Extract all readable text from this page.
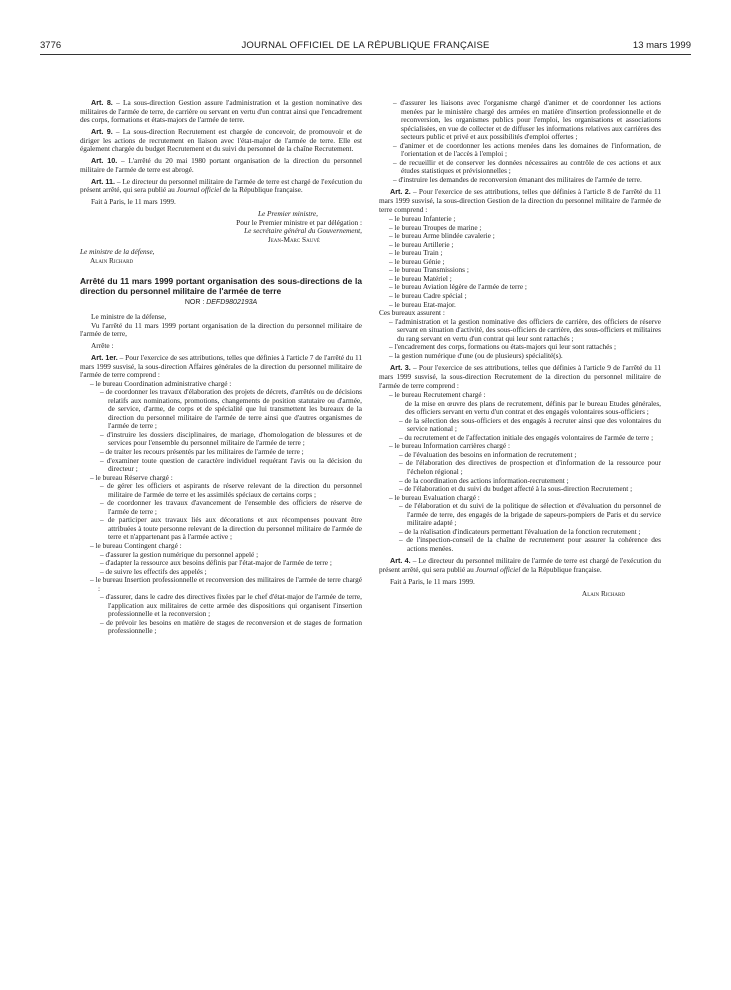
3776	JOURNAL OFFICIEL DE LA RÉPUBLIQUE FRANÇAISE	13 mars 1999

Art. 8. – La sous-direction Gestion assure l'administration et la gestion nominative des militaires de l'armée de terre, de carrière ou servant en vertu d'un contrat ainsi que l'encadrement des corps, formations et états-majors de l'armée de terre.

Art. 9. – La sous-direction Recrutement est chargée de concevoir, de promouvoir et de diriger les actions de recrutement en liaison avec l'état-major de l'armée de terre. Elle est également chargée du budget Recrutement et du suivi du personnel de la chaîne Recrutement.

Art. 10. – L'arrêté du 20 mai 1980 portant organisation de la direction du personnel militaire de l'armée de terre est abrogé.

Art. 11. – Le directeur du personnel militaire de l'armée de terre est chargé de l'exécution du présent arrêté, qui sera publié au Journal officiel de la République française.

Fait à Paris, le 11 mars 1999.

Le Premier ministre,

Pour le Premier ministre et par délégation :

Le secrétaire général du Gouvernement,

Jean-Marc Sauvé

Le ministre de la défense,

Alain Richard

Arrêté du 11 mars 1999 portant organisation des sous-directions de la direction du personnel militaire de l'armée de terre

NOR : DEFD9802193A

Le ministre de la défense,

Vu l'arrêté du 11 mars 1999 portant organisation de la direction du personnel militaire de l'armée de terre,

Arrête :

Art. 1er. – Pour l'exercice de ses attributions, telles que définies à l'article 7 de l'arrêté du 11 mars 1999 susvisé, la sous-direction Affaires générales de la direction du personnel militaire de l'armée de terre comprend :

– le bureau Coordination administrative chargé :

– de coordonner les travaux d'élaboration des projets de décrets, d'arrêtés ou de décisions relatifs aux nominations, promotions, changements de position statutaire ou d'armée, de service, d'arme, de corps et de spécialité que lui transmettent les bureaux de la direction du personnel militaire de l'armée de terre ainsi que d'autres organismes de l'armée de terre ;

– d'instruire les dossiers disciplinaires, de mariage, d'homologation de blessures et de services pour l'ensemble du personnel militaire de l'armée de terre ;

– de traiter les recours présentés par les militaires de l'armée de terre ;

– d'examiner toute question de caractère individuel requérant l'avis ou la décision du directeur ;

– le bureau Réserve chargé :

– de gérer les officiers et aspirants de réserve relevant de la direction du personnel militaire de l'armée de terre et les assimilés spéciaux de certains corps ;

– de coordonner les travaux d'avancement de l'ensemble des officiers de réserve de l'armée de terre ;

– de participer aux travaux liés aux décorations et aux récompenses pouvant être attribuées à toute personne relevant de la direction du personnel militaire de l'armée de terre et n'appartenant pas à l'armée active ;

– le bureau Contingent chargé :

– d'assurer la gestion numérique du personnel appelé ;

– d'adapter la ressource aux besoins définis par l'état-major de l'armée de terre ;

– de suivre les effectifs des appelés ;

– le bureau Insertion professionnelle et reconversion des militaires de l'armée de terre chargé :

– d'assurer, dans le cadre des directives fixées par le chef d'état-major de l'armée de terre, l'application aux militaires de cette armée des dispositions qui organisent l'insertion professionnelle et la reconversion ;

– de prévoir les besoins en matière de stages de reconversion et de stages de formation professionnelle ;

– d'assurer les liaisons avec l'organisme chargé d'animer et de coordonner les actions menées par le ministère chargé des armées en matière d'insertion professionnelle et de reconversion, les organismes publics pour l'emploi, les organisations et associations spécialisées, en vue de collecter et de diffuser les informations relatives aux carrières des secteurs public et privé et aux possibilités d'emploi offertes ;

– d'animer et de coordonner les actions menées dans les domaines de l'information, de l'orientation et de l'accès à l'emploi ;

– de recueillir et de conserver les données nécessaires au contrôle de ces actions et aux études statistiques et prévisionnelles ;

– d'instruire les demandes de reconversion émanant des militaires de l'armée de terre.

Art. 2. – Pour l'exercice de ses attributions, telles que définies à l'article 8 de l'arrêté du 11 mars 1999 susvisé, la sous-direction Gestion de la direction du personnel militaire de l'armée de terre comprend :

– le bureau Infanterie ;

– le bureau Troupes de marine ;

– le bureau Arme blindée cavalerie ;

– le bureau Artillerie ;

– le bureau Train ;

– le bureau Génie ;

– le bureau Transmissions ;

– le bureau Matériel ;

– le bureau Aviation légère de l'armée de terre ;

– le bureau Cadre spécial ;

– le bureau Etat-major.

Ces bureaux assurent :

– l'administration et la gestion nominative des officiers de carrière, des officiers de réserve servant en situation d'activité, des sous-officiers de carrière, des sous-officiers et militaires du rang servant en vertu d'un contrat qui leur sont rattachés ;

– l'encadrement des corps, formations ou états-majors qui leur sont rattachés ;

– la gestion numérique d'une (ou de plusieurs) spécialité(s).

Art. 3. – Pour l'exercice de ses attributions, telles que définies à l'article 9 de l'arrêté du 11 mars 1999 susvisé, la sous-direction Recrutement de la direction du personnel militaire de l'armée de terre comprend :

– le bureau Recrutement chargé :

de la mise en œuvre des plans de recrutement, définis par le bureau Etudes générales, des officiers servant en vertu d'un contrat et des engagés volontaires sous-officiers ;

– de la sélection des sous-officiers et des engagés à recruter ainsi que des volontaires du service national ;

– du recrutement et de l'affectation initiale des engagés volontaires de l'armée de terre ;

– le bureau Information carrières chargé :

– de l'évaluation des besoins en information de recrutement ;

– de l'élaboration des directives de prospection et d'information de la ressource pour l'échelon régional ;

– de la coordination des actions information-recrutement ;

– de l'élaboration et du suivi du budget affecté à la sous-direction Recrutement ;

– le bureau Evaluation chargé :

– de l'élaboration et du suivi de la politique de sélection et d'évaluation du personnel de l'armée de terre, des engagés de la brigade de sapeurs-pompiers de Paris et du service militaire adapté ;

– de la réalisation d'indicateurs permettant l'évaluation de la fonction recrutement ;

– de l'inspection-conseil de la chaîne de recrutement pour assurer la cohérence des actions menées.

Art. 4. – Le directeur du personnel militaire de l'armée de terre est chargé de l'exécution du présent arrêté, qui sera publié au Journal officiel de la République française.

Fait à Paris, le 11 mars 1999.

Alain Richard
